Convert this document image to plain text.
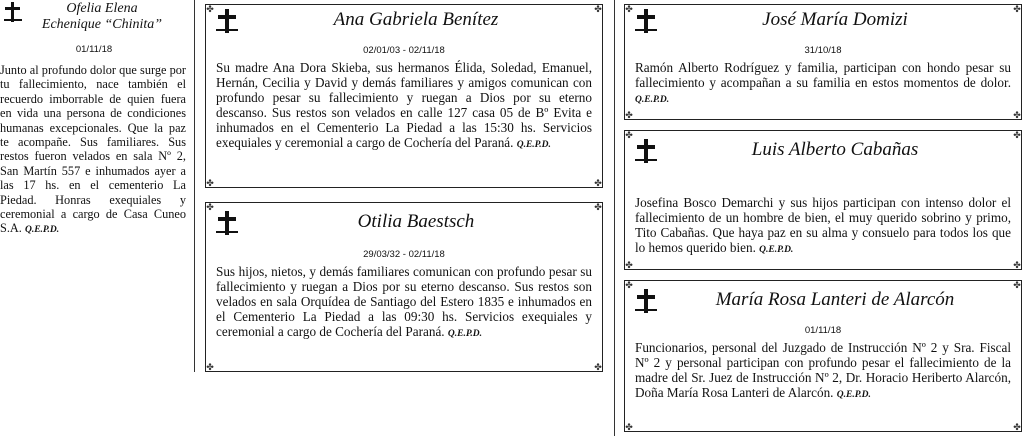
Ofelia Elena
Echenique “Chinita”
01/11/18
Junto al profundo dolor que surge por tu fallecimiento, nace también el recuerdo imborrable de quien fuera en vida una persona de condiciones humanas excepcionales. Que la paz te acompañe. Sus familiares. Sus restos fueron velados en sala Nº 2, San Martín 557 e inhumados ayer a las 17 hs. en el cementerio La Piedad. Honras exequiales y ceremonial a cargo de Casa Cuneo S.A. Q.E.P.D.
✤	✤
✤	✤
Ana Gabriela Benítez
02/01/03 - 02/11/18
Su madre Ana Dora Skieba, sus hermanos Élida, Soledad, Emanuel, Hernán, Cecilia y David y demás familiares y amigos comunican con profundo pesar su fallecimiento y ruegan a Dios por su eterno descanso. Sus restos son velados en calle 127 casa 05 de Bº Evita e inhumados en el Cementerio La Piedad a las 15:30 hs. Servicios exequiales y ceremonial a cargo de Cochería del Paraná. Q.E.P.D.
✤	✤
✤	✤
Otilia Baestsch
29/03/32 - 02/11/18
Sus hijos, nietos, y demás familiares comunican con profundo pesar su fallecimiento y ruegan a Dios por su eterno descanso. Sus restos son velados en sala Orquídea de Santiago del Estero 1835 e inhumados en el Cementerio La Piedad a las 09:30 hs. Servicios exequiales y ceremonial a cargo de Cochería del Paraná. Q.E.P.D.
✤	✤
✤	✤
José María Domizi
31/10/18
Ramón Alberto Rodríguez y familia, participan con hondo pesar su fallecimiento y acompañan a su familia en estos momentos de dolor. Q.E.P.D.
✤	✤
✤	✤
Luis Alberto Cabañas
Josefina Bosco Demarchi y sus hijos participan con intenso dolor el fallecimiento de un hombre de bien, el muy querido sobrino y primo, Tito Cabañas. Que haya paz en su alma y consuelo para todos los que lo hemos querido bien. Q.E.P.D.
✤	✤
✤	✤
María Rosa Lanteri de Alarcón
01/11/18
Funcionarios, personal del Juzgado de Instrucción Nº 2 y Sra. Fiscal Nº 2 y personal participan con profundo pesar el fallecimiento de la madre del Sr. Juez de Instrucción Nº 2, Dr. Horacio Heriberto Alarcón, Doña María Rosa Lanteri de Alarcón. Q.E.P.D.
